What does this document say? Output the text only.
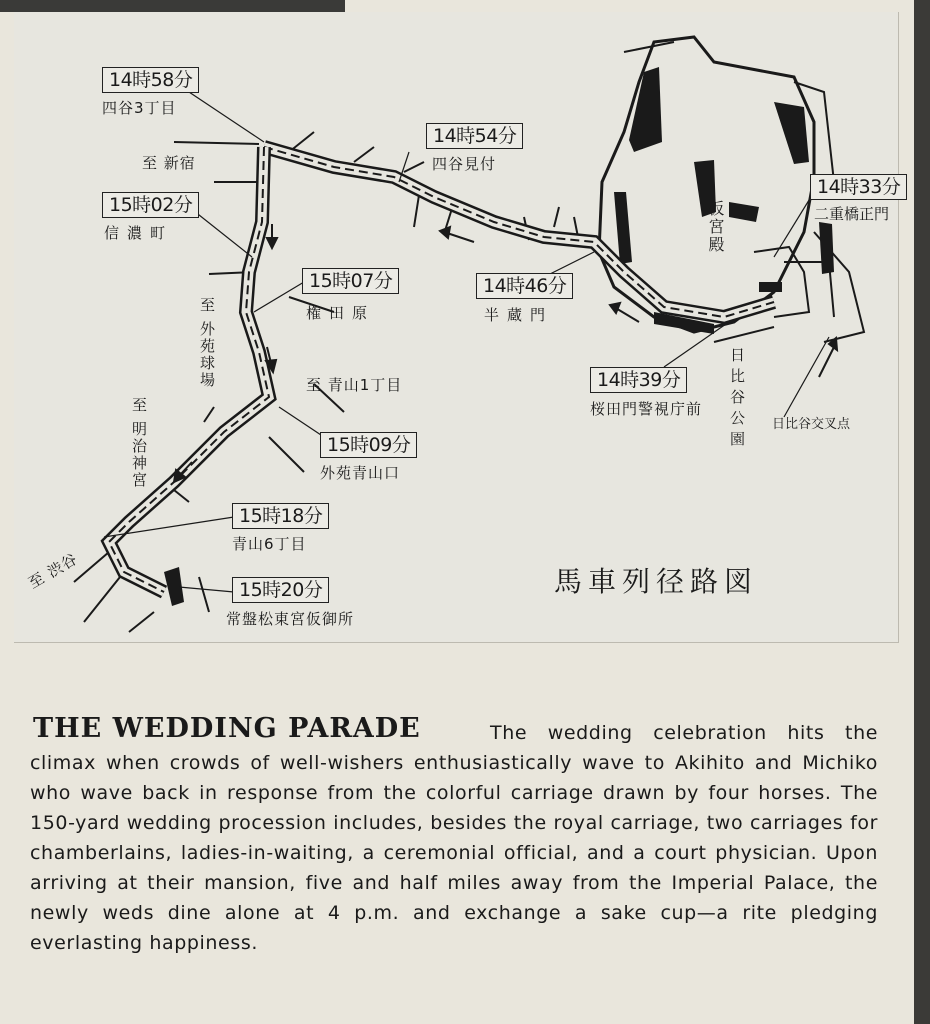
14時58分
四谷3丁目
14時54分
四谷見付
15時02分
信濃町
15時07分
権田原
14時46分
半蔵門
14時33分
二重橋正門
14時39分
桜田門警視庁前
15時09分
外苑青山口
15時18分
青山6丁目
15時20分
常盤松東宮仮御所
至 新宿
至 青山1丁目
至 外苑球場
至 明治神宮
至 渋谷
仮宮殿
日比谷公園
日比谷交叉点
馬車列径路図
THE WEDDING PARADE	The wedding celebration hits the climax when crowds of well-wishers enthusiastically wave to Akihito and Michiko who wave back in response from the colorful carriage drawn by four horses. The 150-yard wedding procession includes, besides the royal carriage, two carriages for chamberlains, ladies-in-waiting, a ceremonial official, and a court physician. Upon arriving at their mansion, five and half miles away from the Imperial Palace, the newly weds dine alone at 4 p.m. and exchange a sake cup—a rite pledging everlasting happiness.
